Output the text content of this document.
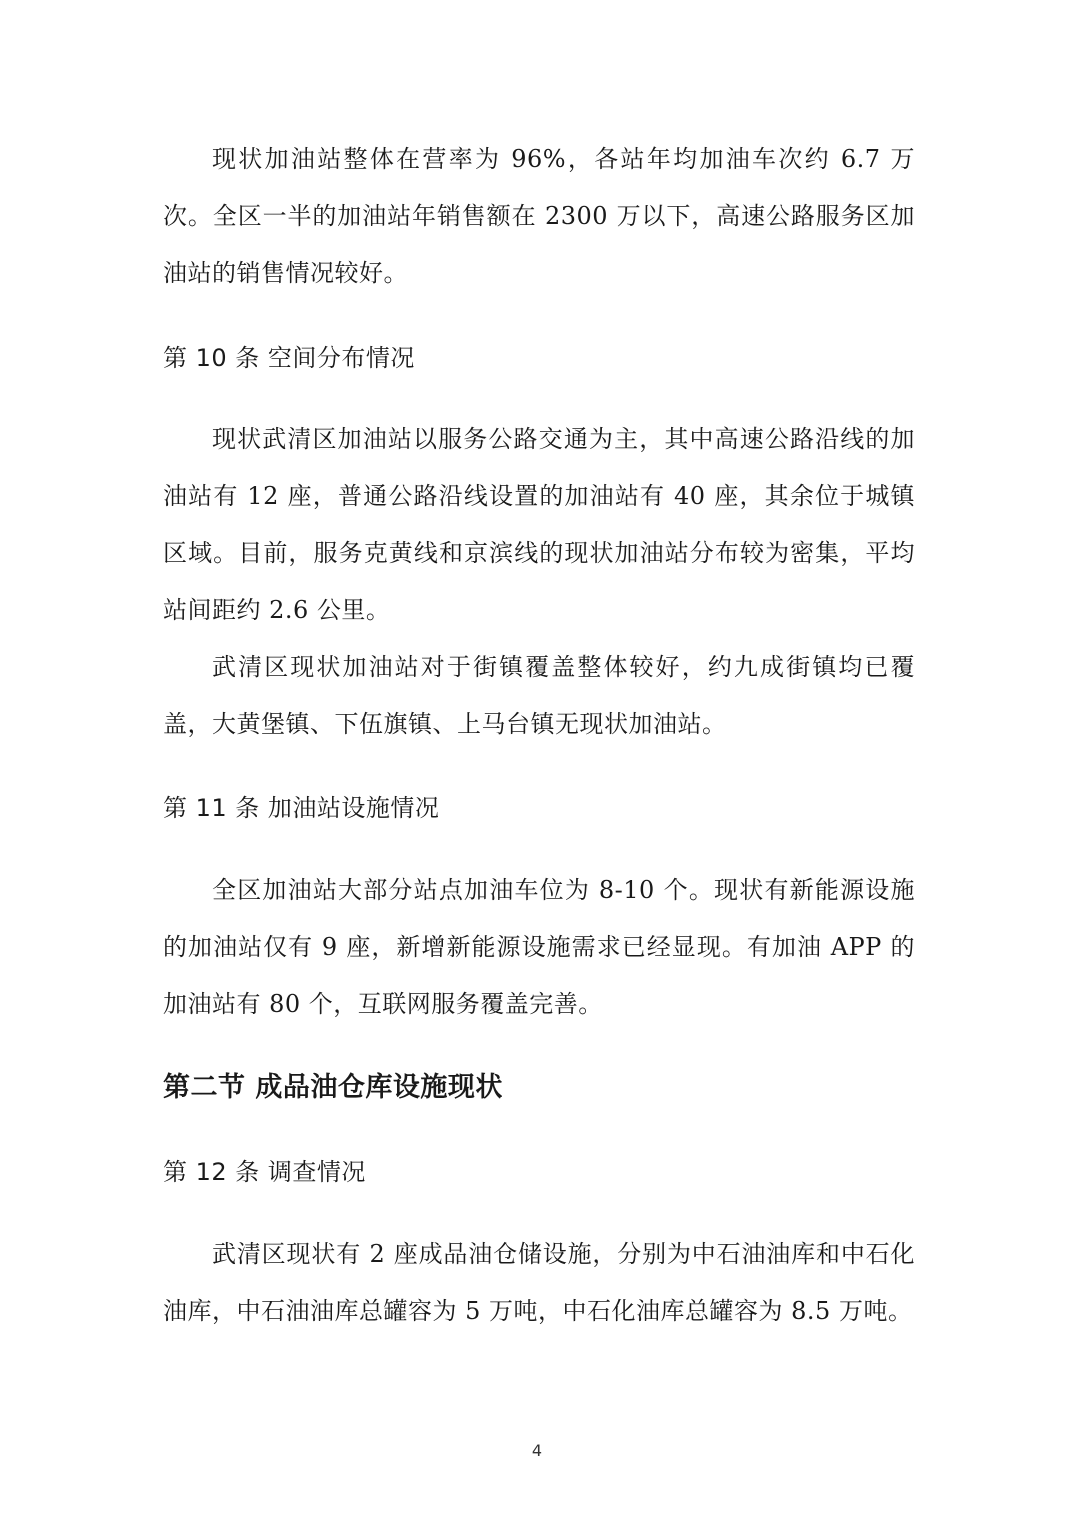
现状加油站整体在营率为 96%，各站年均加油车次约 6.7 万次。全区一半的加油站年销售额在 2300 万以下，高速公路服务区加油站的销售情况较好。

第 10 条 空间分布情况

现状武清区加油站以服务公路交通为主，其中高速公路沿线的加油站有 12 座，普通公路沿线设置的加油站有 40 座，其余位于城镇区域。目前，服务克黄线和京滨线的现状加油站分布较为密集，平均站间距约 2.6 公里。

武清区现状加油站对于街镇覆盖整体较好，约九成街镇均已覆盖，大黄堡镇、下伍旗镇、上马台镇无现状加油站。

第 11 条 加油站设施情况

全区加油站大部分站点加油车位为 8-10 个。现状有新能源设施的加油站仅有 9 座，新增新能源设施需求已经显现。有加油 APP 的加油站有 80 个，互联网服务覆盖完善。

第二节 成品油仓库设施现状
第 12 条 调查情况

武清区现状有 2 座成品油仓储设施，分别为中石油油库和中石化油库，中石油油库总罐容为 5 万吨，中石化油库总罐容为 8.5 万吨。

4
